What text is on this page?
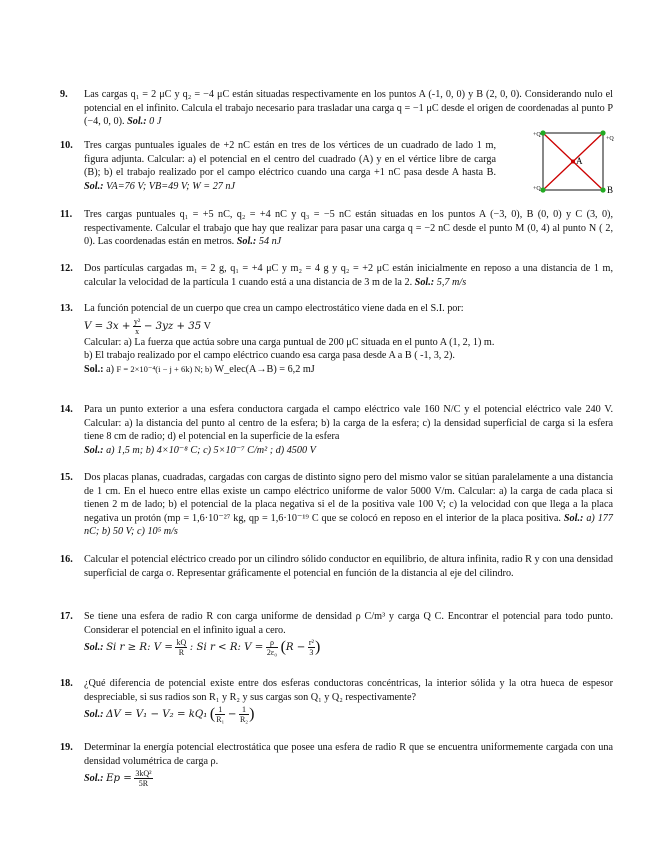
9.	Las cargas q₁ = 2 μC y q₂ = −4 μC están situadas respectivamente en los puntos A (-1, 0, 0) y B (2, 0, 0). Considerando nulo el potencial en el infinito. Calcula el trabajo necesario para trasladar una carga q = −1 μC desde el origen de coordenadas al punto P (−4, 0, 0). Sol.: 0 J
10.	Tres cargas puntuales iguales de +2 nC están en tres de los vértices de un cuadrado de lado 1 m, figura adjunta. Calcular: a) el potencial en el centro del cuadrado (A) y en el vértice libre de carga (B); b) el trabajo realizado por el campo eléctrico cuando una carga +1 nC pasa desde A hasta B. Sol.: VA=76 V; VB=49 V; W = 27 nJ
+Q
+Q
+Q
A
B
11.	Tres cargas puntuales q₁ = +5 nC, q₂ = +4 nC y q₃ = −5 nC están situadas en los puntos A (−3, 0), B (0, 0) y C (3, 0), respectivamente. Calcular el trabajo que hay que realizar para pasar una carga q = −2 nC desde el punto M (0, 4) al punto N ( 2, 0). Las coordenadas están en metros. Sol.: 54 nJ
12.	Dos partículas cargadas m₁ = 2 g, q₁ = +4 μC y m₂ = 4 g y q₂ = +2 μC están inicialmente en reposo a una distancia de 1 m, calcular la velocidad de la partícula 1 cuando está a una distancia de 3 m de la 2. Sol.: 5,7 m/s
13.	La función potencial de un cuerpo que crea un campo electrostático viene dada en el S.I. por:
$V = 3x + \frac{\text{y²}}{x} - 3yz + 35$ V
Calcular: a) La fuerza que actúa sobre una carga puntual de 200 μC situada en el punto A (1, 2, 1) m.
b) El trabajo realizado por el campo eléctrico cuando esa carga pasa desde A a B ( -1, 3, 2).
Sol.: a) F = 2×10⁻⁴(i − j + 6k) N; b) W_elec(A→B) = 6,2 mJ
14.	Para un punto exterior a una esfera conductora cargada el campo eléctrico vale 160 N/C y el potencial eléctrico vale 240 V. Calcular: a) la distancia del punto al centro de la esfera; b) la carga de la esfera; c) la densidad superficial de carga si la esfera tiene 8 cm de radio; d) el potencial en la superficie de la esfera
Sol.: a) 1,5 m; b) 4×10⁻⁸ C; c) 5×10⁻⁷ C/m² ; d) 4500 V
15.	Dos placas planas, cuadradas, cargadas con cargas de distinto signo pero del mismo valor se sitúan paralelamente a una distancia de 1 cm. En el hueco entre ellas existe un campo eléctrico uniforme de valor 5000 V/m. Calcular: a) la carga de cada placa si tienen 2 m de lado; b) el potencial de la placa negativa si el de la positiva vale 100 V; c) la velocidad con que llega a la placa negativa un protón (mp = 1,6·10⁻²⁷ kg, qp = 1,6·10⁻¹⁹ C que se colocó en reposo en el interior de la placa positiva. Sol.: a) 177 nC; b) 50 V; c) 10⁵ m/s
16.	Calcular el potencial eléctrico creado por un cilindro sólido conductor en equilibrio, de altura infinita, radio R y con una densidad superficial de carga σ. Representar gráficamente el potencial en función de la distancia al eje del cilindro.
17.	Se tiene una esfera de radio R con carga uniforme de densidad ρ C/m³ y carga Q C. Encontrar el potencial para todo punto. Considerar el potencial en el infinito igual a cero.
Sol.: Si r ≥ R: $V = \frac{kQ}{R}$ : Si r < R: $V = \frac{\rho}{\text{2ε₀}} (R - \frac{\text{r²}}{3}$ )
18.	¿Qué diferencia de potencial existe entre dos esferas conductoras concéntricas, la interior sólida y la otra hueca de espesor despreciable, si sus radios son R₁ y R₂ y sus cargas son Q₁ y Q₂ respectivamente?
Sol.: ΔV = V₁ − V₂ = kQ₁ ( $\frac{1}{\text{R₁}} - \frac{1}{\text{R₂}}$ )
19.	Determinar la energía potencial electrostática que posee una esfera de radio R que se encuentra uniformemente cargada con una densidad volumétrica de carga ρ.
Sol.: $Ep = \frac{\text{3kQ²}}{5R}$
